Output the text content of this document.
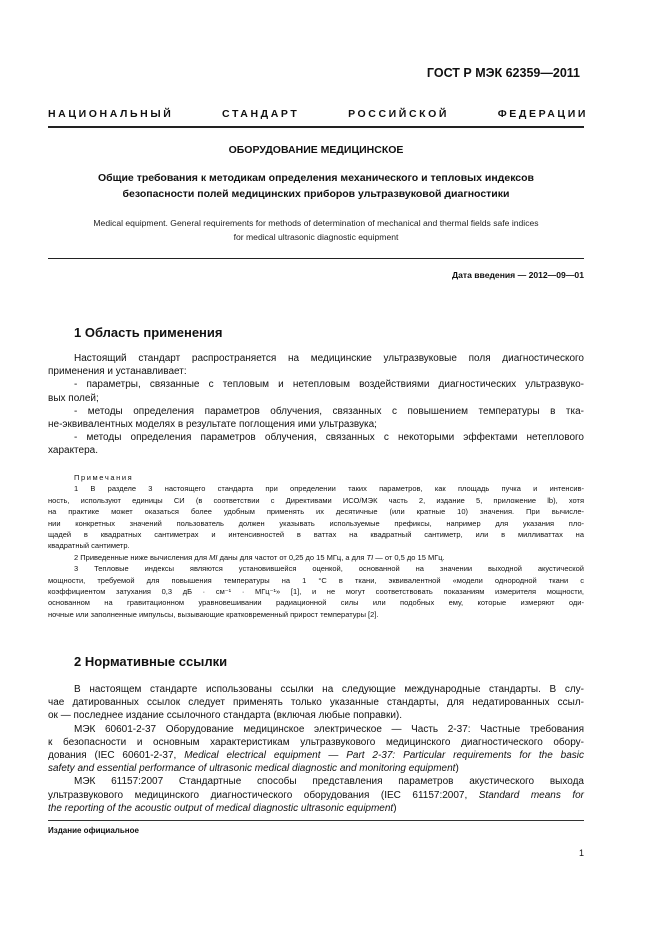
ГОСТ Р МЭК 62359—2011
НАЦИОНАЛЬНЫЙ СТАНДАРТ РОССИЙСКОЙ ФЕДЕРАЦИИ
ОБОРУДОВАНИЕ МЕДИЦИНСКОЕ
Общие требования к методикам определения механического и тепловых индексов
безопасности полей медицинских приборов ультразвуковой диагностики
Medical equipment. General requirements for methods of determination of mechanical and thermal fields safe indices
for medical ultrasonic diagnostic equipment
Дата введения — 2012—09—01
1 Область применения

Настоящий стандарт распространяется на медицинские ультразвуковые поля диагностического

применения и устанавливает:

- параметры, связанные с тепловым и нетепловым воздействиями диагностических ультразвуко-

вых полей;

- методы определения параметров облучения, связанных с повышением температуры в тка-

не-эквивалентных моделях в результате поглощения ими ультразвука;

- методы определения параметров облучения, связанных с некоторыми эффектами нетеплового

характера.

Примечания

1 В разделе 3 настоящего стандарта при определении таких параметров, как площадь пучка и интенсив-

ность, используют единицы СИ (в соответствии с Директивами ИСО/МЭК часть 2, издание 5, приложение lb), хотя

на практике может оказаться более удобным применять их десятичные (или кратные 10) значения. При вычисле-

нии конкретных значений пользователь должен указывать используемые префиксы, например для указания пло-

щадей в квадратных сантиметрах и интенсивностей в ваттах на квадратный сантиметр, или в милливаттах на

квадратный сантиметр.

2 Приведенные ниже вычисления для MI даны для частот от 0,25 до 15 МГц, а для TI — от 0,5 до 15 МГц.

3 Тепловые индексы являются установившейся оценкой, основанной на значении выходной акустической

мощности, требуемой для повышения температуры на 1 °С в ткани, эквивалентной «модели однородной ткани с

коэффициентом затухания 0,3 дБ · см⁻¹ · МГц⁻¹» [1], и не могут соответствовать показаниям измерителя мощности,

основанном на гравитационном уравновешивании радиационной силы или подобных ему, которые измеряют оди-

ночные или заполненные импульсы, вызывающие кратковременный прирост температуры [2].

2 Нормативные ссылки

В настоящем стандарте использованы ссылки на следующие международные стандарты. В слу-

чае датированных ссылок следует применять только указанные стандарты, для недатированных ссыл-

ок — последнее издание ссылочного стандарта (включая любые поправки).

МЭК 60601-2-37 Оборудование медицинское электрическое — Часть 2-37: Частные требования

к безопасности и основным характеристикам ультразвукового медицинского диагностического обору-

дования (IEC 60601-2-37, Medical electrical equipment — Part 2-37: Particular requirements for the basic

safety and essential performance of ultrasonic medical diagnostic and monitoring equipment)

МЭК 61157:2007 Стандартные способы представления параметров акустического выхода

ультразвукового медицинского диагностического оборудования (IEC 61157:2007, Standard means for

the reporting of the acoustic output of medical diagnostic ultrasonic equipment)

Издание официальное
1
